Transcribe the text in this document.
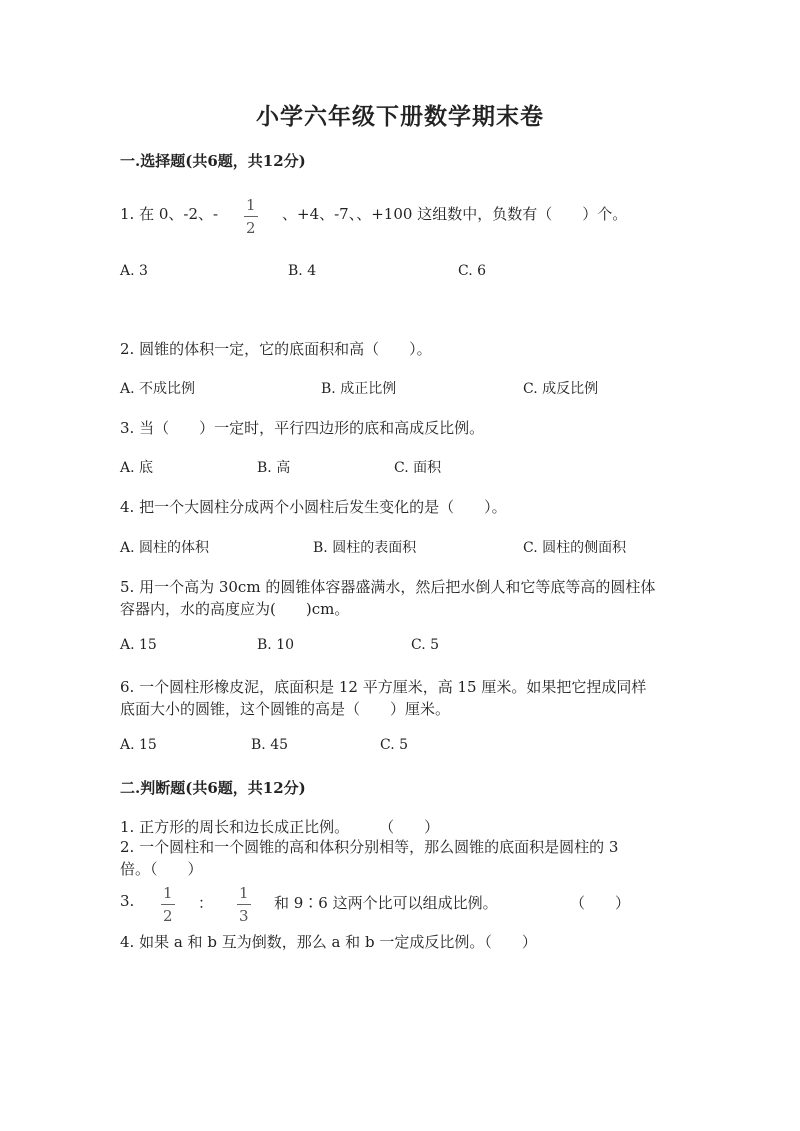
小学六年级下册数学期末卷
一.选择题(共6题，共12分)
1. 在 0、-2、- 1
2
、+4、-7、、+100 这组数中，负数有（　　）个。
A. 3	B. 4	C. 6
2. 圆锥的体积一定，它的底面积和高（　　）。
A. 不成比例	B. 成正比例	C. 成反比例
3. 当（　　）一定时，平行四边形的底和高成反比例。
A. 底	B. 高	C. 面积
4. 把一个大圆柱分成两个小圆柱后发生变化的是（　　）。
A. 圆柱的体积	B. 圆柱的表面积	C. 圆柱的侧面积
5. 用一个高为 30cm 的圆锥体容器盛满水，然后把水倒人和它等底等高的圆柱体
容器内，水的高度应为(　　)cm。
A. 15	B. 10	C. 5
6. 一个圆柱形橡皮泥，底面积是 12 平方厘米，高 15 厘米。如果把它捏成同样
底面大小的圆锥，这个圆锥的高是（　　）厘米。
A. 15	B. 45	C. 5
二.判断题(共6题，共12分)
1. 正方形的周长和边长成正比例。　　　（　　）
2. 一个圆柱和一个圆锥的高和体积分别相等，那么圆锥的底面积是圆柱的 3
倍。（　　）
3. 1
2
：
1
3
和 9∶6 这两个比可以组成比例。	（　　）
4. 如果 a 和 b 互为倒数，那么 a 和 b 一定成反比例。（　　）
